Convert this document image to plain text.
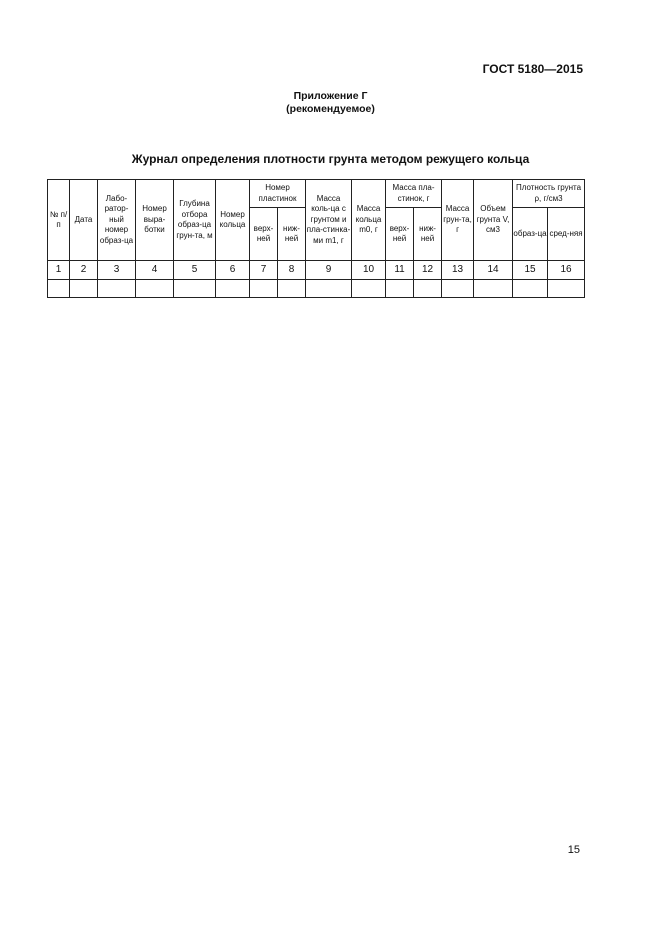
ГОСТ 5180—2015
Приложение Г
(рекомендуемое)
Журнал определения плотности грунта методом режущего кольца
№ п/п	Дата	Лабо-ратор-ный номер образ-ца	Номер выра-ботки	Глубина отбора образ-ца грун-та, м	Номер кольца	Номер пластинок		Масса коль-ца с грунтом и пла-стинка-ми m1, г	Масса кольца m0, г	Масса пла-стинок, г		Масса грун-та, г	Объем грунта V, см3	Плотность грунта ρ, г/см3	
						верх-ней	ниж-ней			верх-ней	ниж-ней			образ-ца	сред-няя
1	2	3	4	5	6	7	8	9	10	11	12	13	14	15	16

15
